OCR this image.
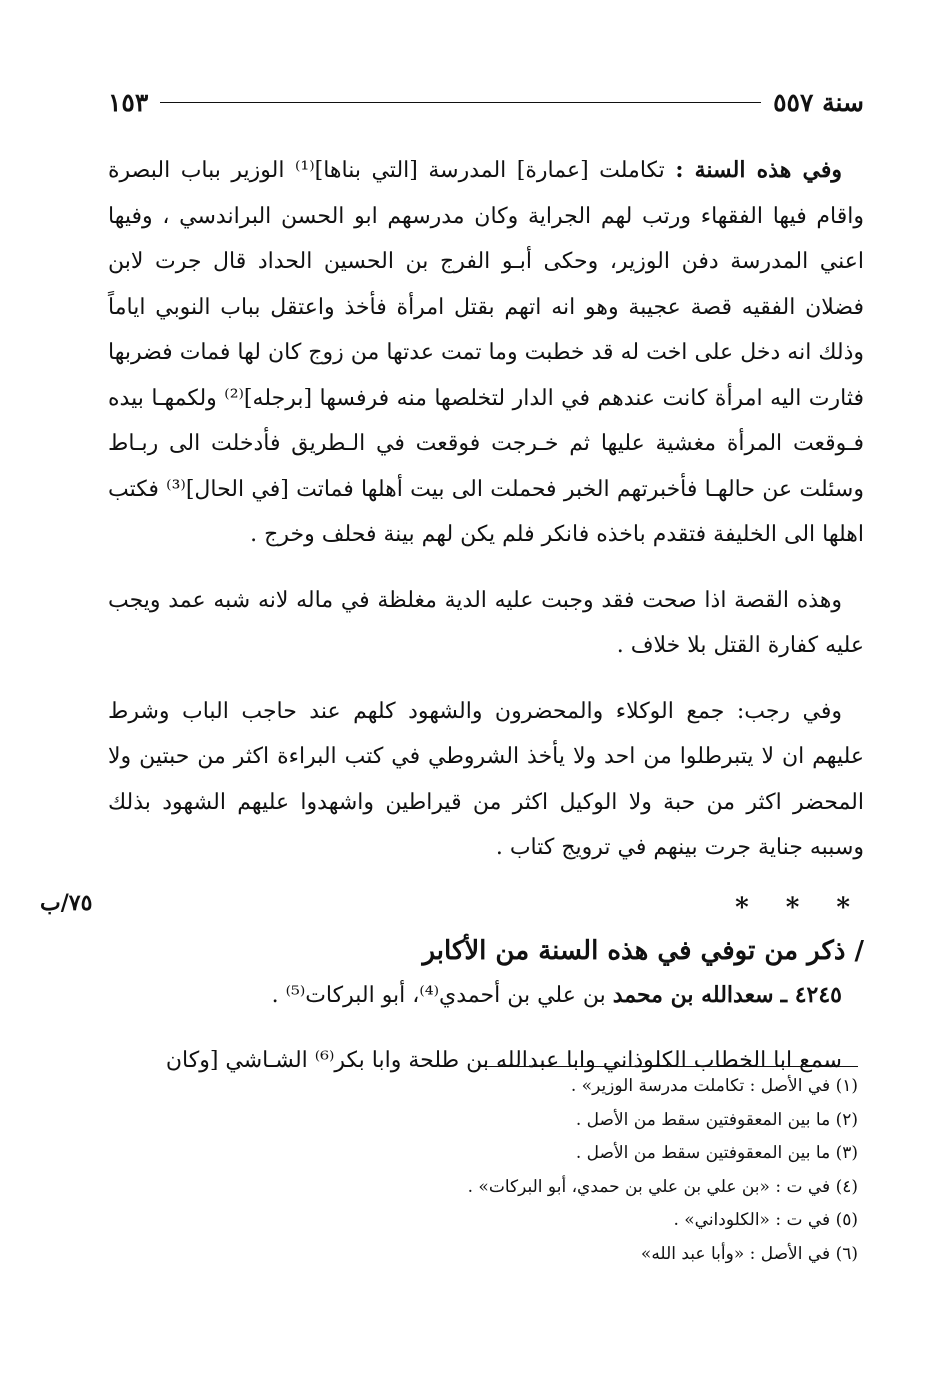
سنة ٥٥٧
١٥٣

وفي هذه السنة : تكاملت [عمارة] المدرسة [التي بناها]⁽¹⁾ الوزير بباب البصرة واقام فيها الفقهاء ورتب لهم الجراية وكان مدرسهم ابو الحسن البراندسي ، وفيها اعني المدرسة دفن الوزير، وحكى أبـو الفرج بن الحسين الحداد قال جرت لابن فضلان الفقيه قصة عجيبة وهو انه اتهم بقتل امرأة فأخذ واعتقل بباب النوبي اياماً وذلك انه دخل على اخت له قد خطبت وما تمت عدتها من زوج كان لها فمات فضربها فثارت اليه امرأة كانت عندهم في الدار لتخلصها منه فرفسها [برجله]⁽²⁾ ولكمهـا بيده فـوقعت المرأة مغشية عليها ثم خـرجت فوقعت في الـطريق فأدخلت الى ربـاط وسئلت عن حالهـا فأخبرتهم الخبر فحملت الى بيت أهلها فماتت [في الحال]⁽³⁾ فكتب اهلها الى الخليفة فتقدم باخذه فانكر فلم يكن لهم بينة فحلف وخرج .

وهذه القصة اذا صحت فقد وجبت عليه الدية مغلظة في ماله لانه شبه عمد ويجب عليه كفارة القتل بلا خلاف .

وفي رجب: جمع الوكلاء والمحضرون والشهود كلهم عند حاجب الباب وشرط عليهم ان لا يتبرطلوا من احد ولا يأخذ الشروطي في كتب البراءة اكثر من حبتين ولا المحضر اكثر من حبة ولا الوكيل اكثر من قيراطين واشهدوا عليهم الشهود بذلك وسببه جناية جرت بينهم في ترويج كتاب .

* * *
/ ذكر من توفي في هذه السنة من الأكابر

٤٢٤٥ ـ سعدالله بن محمد بن علي بن أحمدي⁽⁴⁾، أبو البركات⁽⁵⁾ .

سمع ابا الخطاب الكلوذاني وابا عبدالله بن طلحة وابا بكر⁽⁶⁾ الشـاشي [وكان

٧٥/ب
(١) في الأصل : تكاملت مدرسة الوزير» .
(٢) ما بين المعقوفتين سقط من الأصل .
(٣) ما بين المعقوفتين سقط من الأصل .
(٤) في ت : «بن علي بن علي بن حمدي، أبو البركات» .
(٥) في ت : «الكلوداني» .
(٦) في الأصل : «وأبا عبد الله»
